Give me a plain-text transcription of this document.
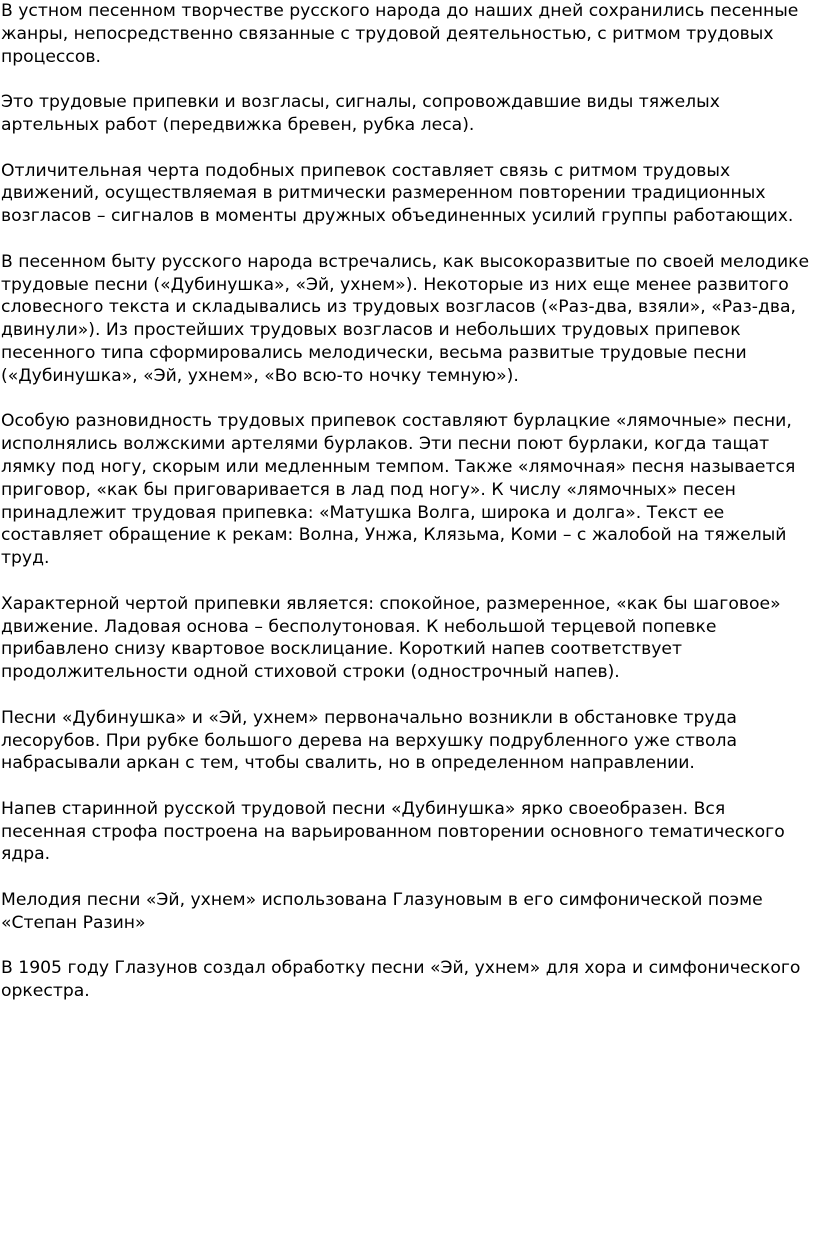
В устном песенном творчестве русского народа до наших дней сохранились песенные жанры, непосредственно связанные с трудовой деятельностью, с ритмом трудовых процессов.

Это трудовые припевки и возгласы, сигналы, сопровождавшие виды тяжелых артельных работ (передвижка бревен, рубка леса).

Отличительная черта подобных припевок составляет связь с ритмом трудовых движений, осуществляемая в ритмически размеренном повторении традиционных возгласов – сигналов в моменты дружных объединенных усилий группы работающих.

В песенном быту русского народа встречались, как высокоразвитые по своей мелодике трудовые песни («Дубинушка», «Эй, ухнем»). Некоторые из них еще менее развитого словесного текста и складывались из трудовых возгласов («Раз-два, взяли», «Раз-два, двинули»). Из простейших трудовых возгласов и небольших трудовых припевок песенного типа сформировались мелодически, весьма развитые трудовые песни («Дубинушка», «Эй, ухнем», «Во всю-то ночку темную»).

Особую разновидность трудовых припевок составляют бурлацкие «лямочные» песни, исполнялись волжскими артелями бурлаков. Эти песни поют бурлаки, когда тащат лямку под ногу, скорым или медленным темпом. Также «лямочная» песня называется приговор, «как бы приговаривается в лад под ногу». К числу «лямочных» песен принадлежит трудовая припевка: «Матушка Волга, широка и долга». Текст ее составляет обращение к рекам: Волна, Унжа, Клязьма, Коми – с жалобой на тяжелый труд.

Характерной чертой припевки является: спокойное, размеренное, «как бы шаговое» движение. Ладовая основа – бесполутоновая. К небольшой терцевой попевке прибавлено снизу квартовое восклицание. Короткий напев соответствует продолжительности одной стиховой строки (однострочный напев).

Песни «Дубинушка» и «Эй, ухнем» первоначально возникли в обстановке труда лесорубов. При рубке большого дерева на верхушку подрубленного уже ствола набрасывали аркан с тем, чтобы свалить, но в определенном направлении.

Напев старинной русской трудовой песни «Дубинушка» ярко своеобразен. Вся песенная строфа построена на варьированном повторении основного тематического ядра.

Мелодия песни «Эй, ухнем» использована Глазуновым в его симфонической поэме «Степан Разин»

В 1905 году Глазунов создал обработку песни «Эй, ухнем» для хора и симфонического оркестра.
